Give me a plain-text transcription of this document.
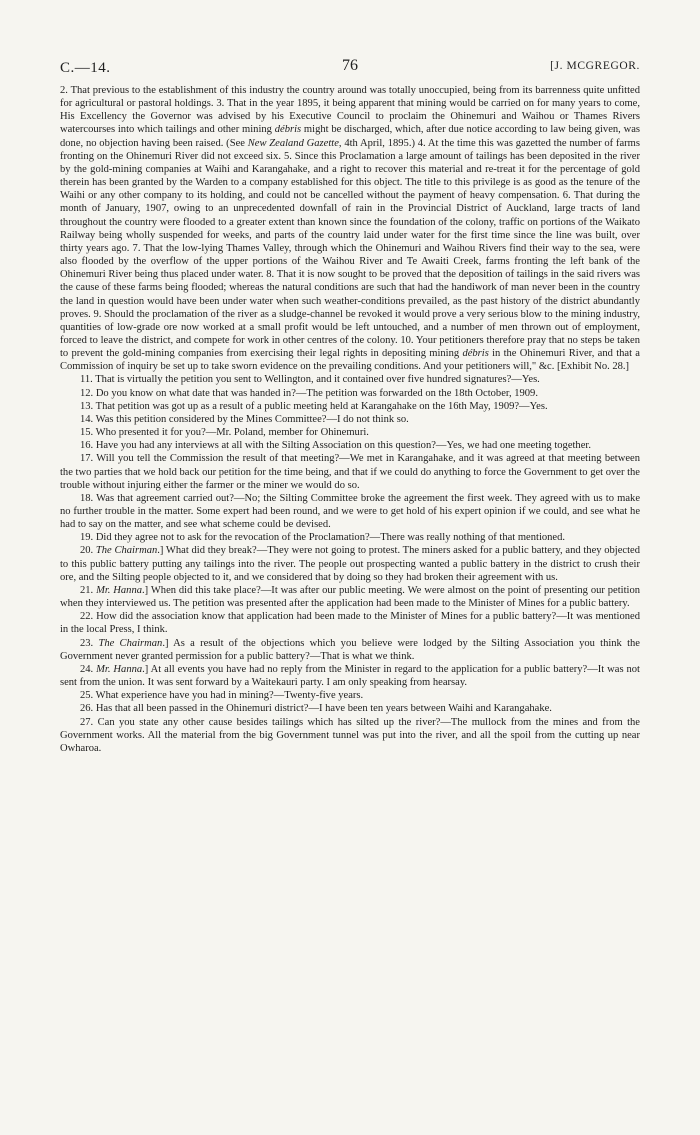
C.—14.	76	[J. MCGREGOR.

2. That previous to the establishment of this industry the country around was totally unoccupied, being from its barrenness quite unfitted for agricultural or pastoral holdings. 3. That in the year 1895, it being apparent that mining would be carried on for many years to come, His Excellency the Governor was advised by his Executive Council to proclaim the Ohinemuri and Waihou or Thames Rivers watercourses into which tailings and other mining débris might be discharged, which, after due notice according to law being given, was done, no objection having been raised. (See New Zealand Gazette, 4th April, 1895.) 4. At the time this was gazetted the number of farms fronting on the Ohinemuri River did not exceed six. 5. Since this Proclamation a large amount of tailings has been deposited in the river by the gold-mining companies at Waihi and Karangahake, and a right to recover this material and re-treat it for the percentage of gold therein has been granted by the Warden to a company established for this object. The title to this privilege is as good as the tenure of the Waihi or any other company to its holding, and could not be cancelled without the payment of heavy compensation. 6. That during the month of January, 1907, owing to an unprecedented downfall of rain in the Provincial District of Auckland, large tracts of land throughout the country were flooded to a greater extent than known since the foundation of the colony, traffic on portions of the Waikato Railway being wholly suspended for weeks, and parts of the country laid under water for the first time since the line was built, over thirty years ago. 7. That the low-lying Thames Valley, through which the Ohinemuri and Waihou Rivers find their way to the sea, were also flooded by the overflow of the upper portions of the Waihou River and Te Awaiti Creek, farms fronting the left bank of the Ohinemuri River being thus placed under water. 8. That it is now sought to be proved that the deposition of tailings in the said rivers was the cause of these farms being flooded; whereas the natural conditions are such that had the handiwork of man never been in the country the land in question would have been under water when such weather-conditions prevailed, as the past history of the district abundantly proves. 9. Should the proclamation of the river as a sludge-channel be revoked it would prove a very serious blow to the mining industry, quantities of low-grade ore now worked at a small profit would be left untouched, and a number of men thrown out of employment, forced to leave the district, and compete for work in other centres of the colony. 10. Your petitioners therefore pray that no steps be taken to prevent the gold-mining companies from exercising their legal rights in depositing mining débris in the Ohinemuri River, and that a Commission of inquiry be set up to take sworn evidence on the prevailing conditions. And your petitioners will," &c. [Exhibit No. 28.]

11. That is virtually the petition you sent to Wellington, and it contained over five hundred signatures?—Yes.

12. Do you know on what date that was handed in?—The petition was forwarded on the 18th October, 1909.

13. That petition was got up as a result of a public meeting held at Karangahake on the 16th May, 1909?—Yes.

14. Was this petition considered by the Mines Committee?—I do not think so.

15. Who presented it for you?—Mr. Poland, member for Ohinemuri.

16. Have you had any interviews at all with the Silting Association on this question?—Yes, we had one meeting together.

17. Will you tell the Commission the result of that meeting?—We met in Karangahake, and it was agreed at that meeting between the two parties that we hold back our petition for the time being, and that if we could do anything to force the Government to get over the trouble without injuring either the farmer or the miner we would do so.

18. Was that agreement carried out?—No; the Silting Committee broke the agreement the first week. They agreed with us to make no further trouble in the matter. Some expert had been round, and we were to get hold of his expert opinion if we could, and see what he had to say on the matter, and see what scheme could be devised.

19. Did they agree not to ask for the revocation of the Proclamation?—There was really nothing of that mentioned.

20. The Chairman.] What did they break?—They were not going to protest. The miners asked for a public battery, and they objected to this public battery putting any tailings into the river. The people out prospecting wanted a public battery in the district to crush their ore, and the Silting people objected to it, and we considered that by doing so they had broken their agreement with us.

21. Mr. Hanna.] When did this take place?—It was after our public meeting. We were almost on the point of presenting our petition when they interviewed us. The petition was presented after the application had been made to the Minister of Mines for a public battery.

22. How did the association know that application had been made to the Minister of Mines for a public battery?—It was mentioned in the local Press, I think.

23. The Chairman.] As a result of the objections which you believe were lodged by the Silting Association you think the Government never granted permission for a public battery?—That is what we think.

24. Mr. Hanna.] At all events you have had no reply from the Minister in regard to the application for a public battery?—It was not sent from the union. It was sent forward by a Waitekauri party. I am only speaking from hearsay.

25. What experience have you had in mining?—Twenty-five years.

26. Has that all been passed in the Ohinemuri district?—I have been ten years between Waihi and Karangahake.

27. Can you state any other cause besides tailings which has silted up the river?—The mullock from the mines and from the Government works. All the material from the big Government tunnel was put into the river, and all the spoil from the cutting up near Owharoa.
